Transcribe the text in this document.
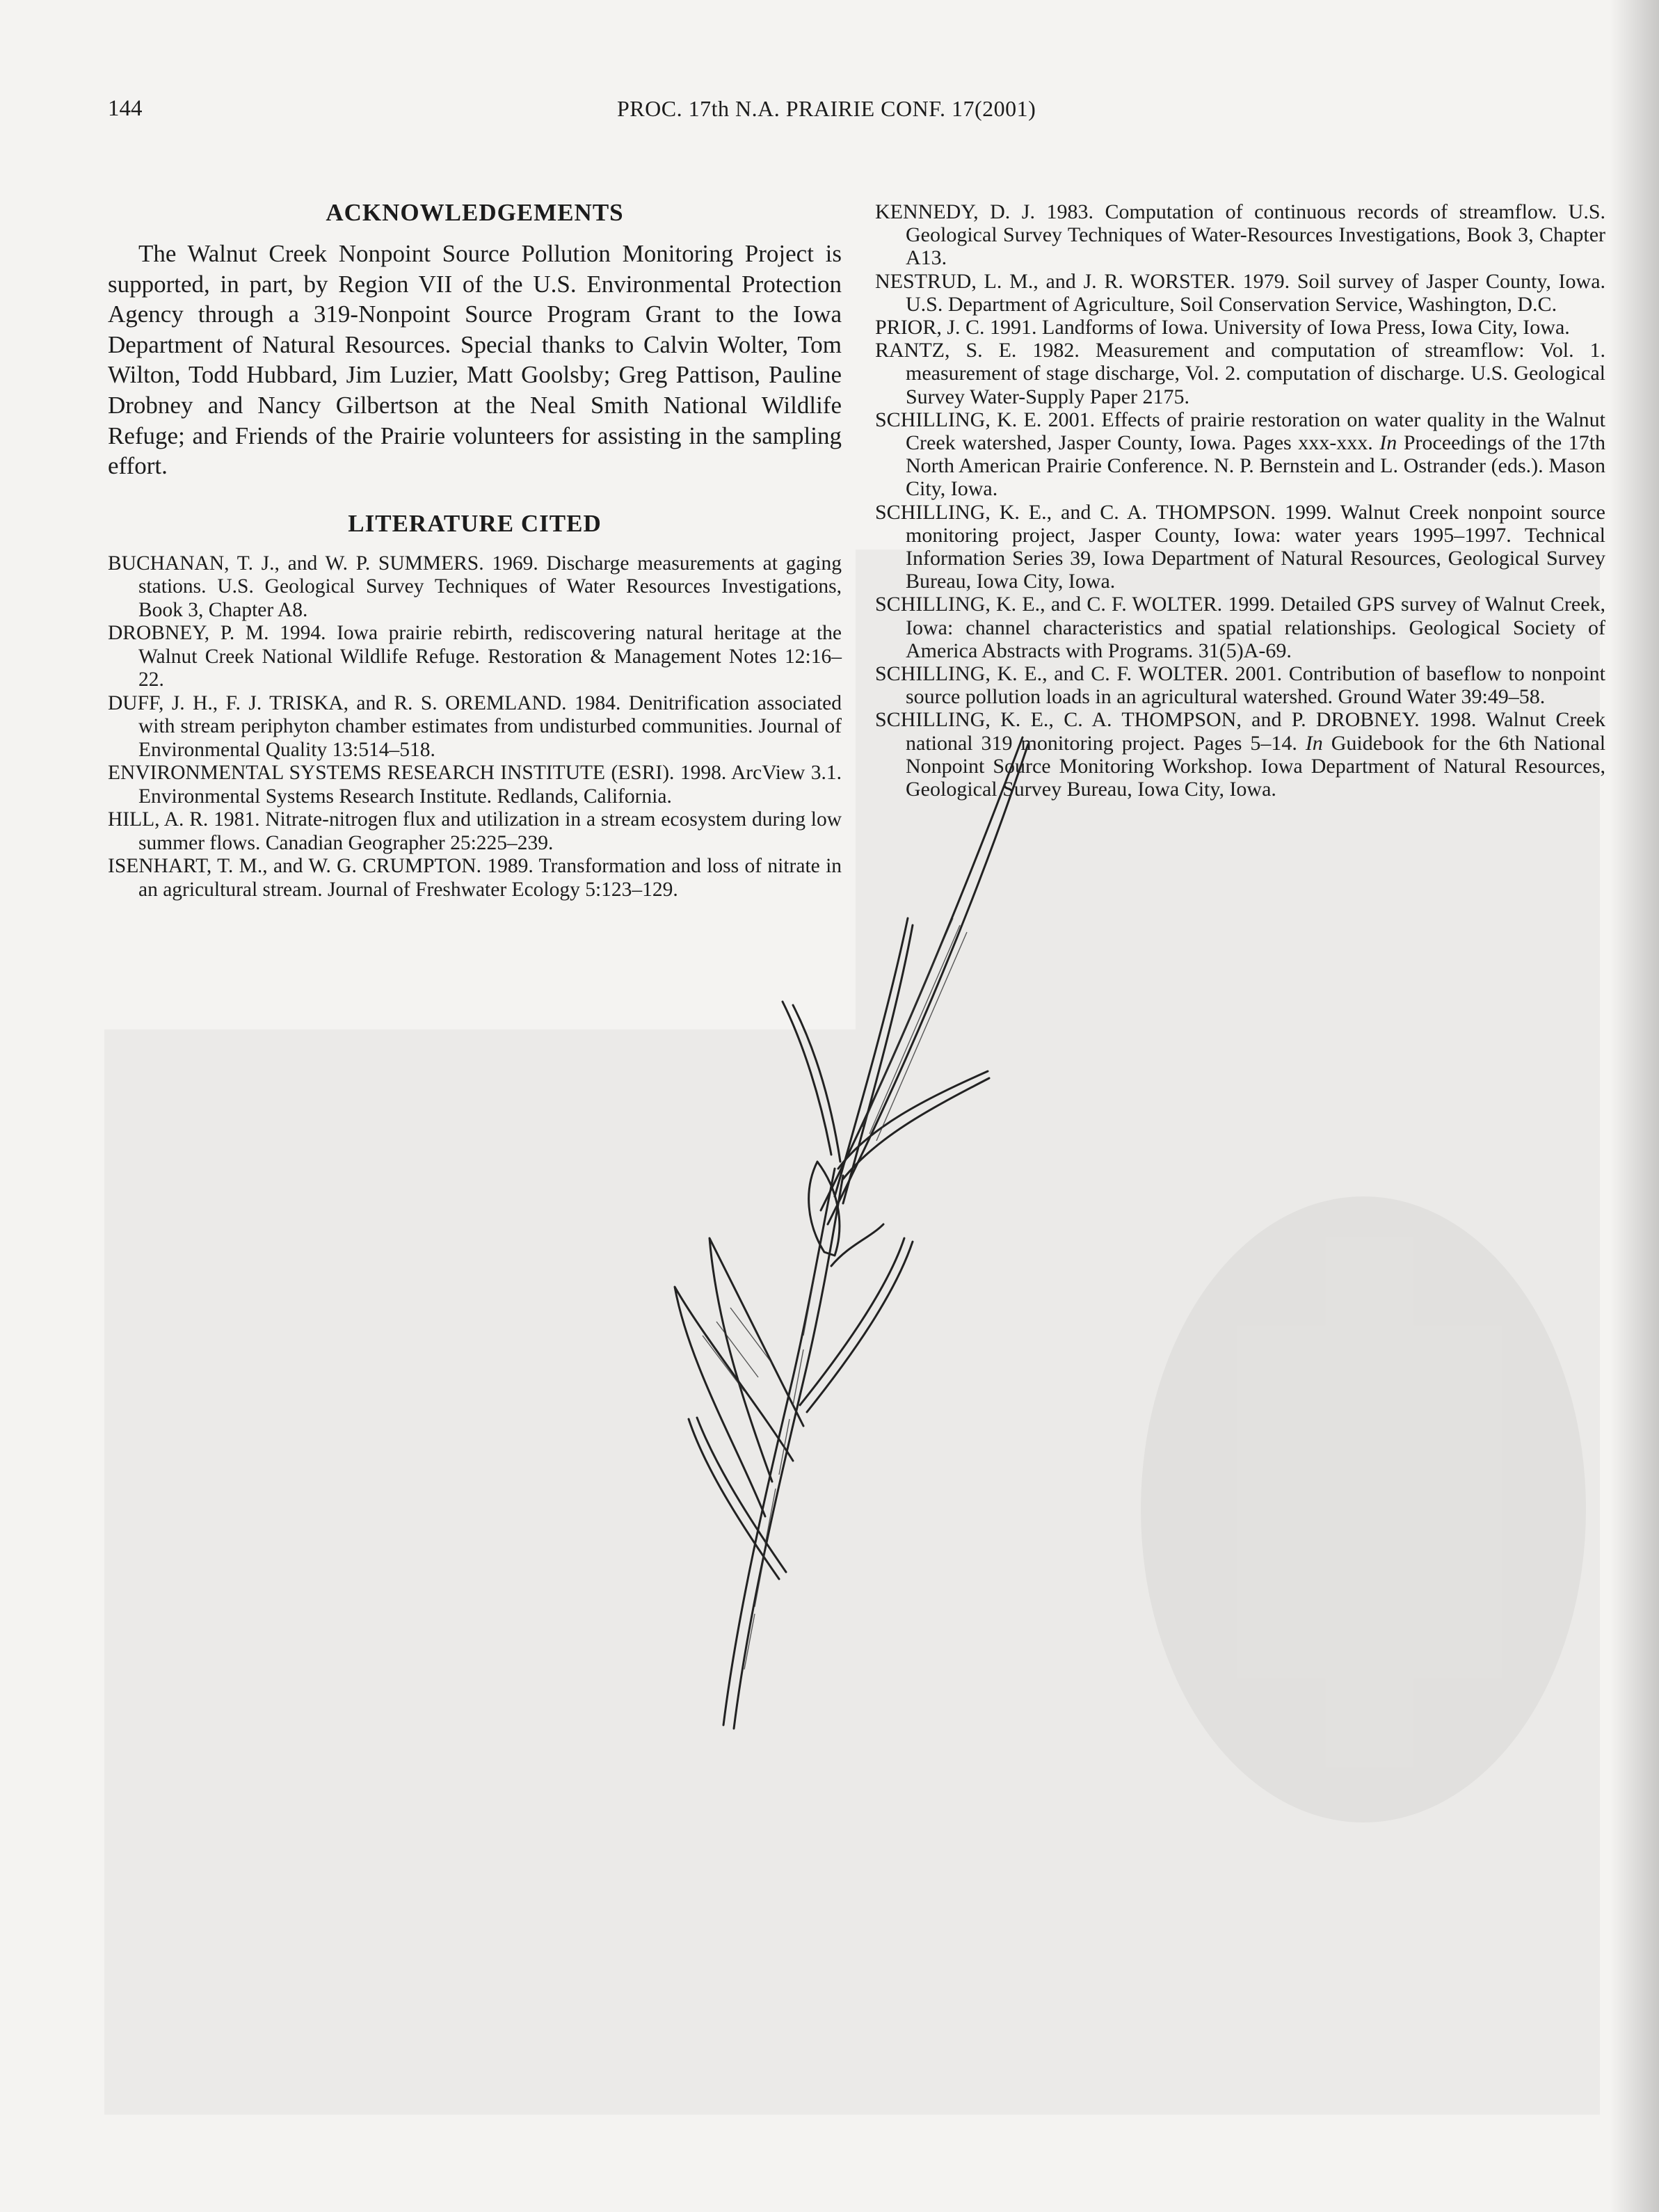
144	PROC. 17th N.A. PRAIRIE CONF. 17(2001)
ACKNOWLEDGEMENTS

The Walnut Creek Nonpoint Source Pollution Monitoring Project is supported, in part, by Region VII of the U.S. Environmental Protection Agency through a 319-Nonpoint Source Program Grant to the Iowa Department of Natural Resources. Special thanks to Calvin Wolter, Tom Wilton, Todd Hubbard, Jim Luzier, Matt Goolsby; Greg Pattison, Pauline Drobney and Nancy Gilbertson at the Neal Smith National Wildlife Refuge; and Friends of the Prairie volunteers for assisting in the sampling effort.

LITERATURE CITED

BUCHANAN, T. J., and W. P. SUMMERS. 1969. Discharge measurements at gaging stations. U.S. Geological Survey Techniques of Water Resources Investigations, Book 3, Chapter A8.

DROBNEY, P. M. 1994. Iowa prairie rebirth, rediscovering natural heritage at the Walnut Creek National Wildlife Refuge. Restoration & Management Notes 12:16–22.

DUFF, J. H., F. J. TRISKA, and R. S. OREMLAND. 1984. Denitrification associated with stream periphyton chamber estimates from undisturbed communities. Journal of Environmental Quality 13:514–518.

ENVIRONMENTAL SYSTEMS RESEARCH INSTITUTE (ESRI). 1998. ArcView 3.1. Environmental Systems Research Institute. Redlands, California.

HILL, A. R. 1981. Nitrate-nitrogen flux and utilization in a stream ecosystem during low summer flows. Canadian Geographer 25:225–239.

ISENHART, T. M., and W. G. CRUMPTON. 1989. Transformation and loss of nitrate in an agricultural stream. Journal of Freshwater Ecology 5:123–129.

KENNEDY, D. J. 1983. Computation of continuous records of streamflow. U.S. Geological Survey Techniques of Water-Resources Investigations, Book 3, Chapter A13.

NESTRUD, L. M., and J. R. WORSTER. 1979. Soil survey of Jasper County, Iowa. U.S. Department of Agriculture, Soil Conservation Service, Washington, D.C.

PRIOR, J. C. 1991. Landforms of Iowa. University of Iowa Press, Iowa City, Iowa.

RANTZ, S. E. 1982. Measurement and computation of streamflow: Vol. 1. measurement of stage discharge, Vol. 2. computation of discharge. U.S. Geological Survey Water-Supply Paper 2175.

SCHILLING, K. E. 2001. Effects of prairie restoration on water quality in the Walnut Creek watershed, Jasper County, Iowa. Pages xxx-xxx. In Proceedings of the 17th North American Prairie Conference. N. P. Bernstein and L. Ostrander (eds.). Mason City, Iowa.

SCHILLING, K. E., and C. A. THOMPSON. 1999. Walnut Creek nonpoint source monitoring project, Jasper County, Iowa: water years 1995–1997. Technical Information Series 39, Iowa Department of Natural Resources, Geological Survey Bureau, Iowa City, Iowa.

SCHILLING, K. E., and C. F. WOLTER. 1999. Detailed GPS survey of Walnut Creek, Iowa: channel characteristics and spatial relationships. Geological Society of America Abstracts with Programs. 31(5)A-69.

SCHILLING, K. E., and C. F. WOLTER. 2001. Contribution of baseflow to nonpoint source pollution loads in an agricultural watershed. Ground Water 39:49–58.

SCHILLING, K. E., C. A. THOMPSON, and P. DROBNEY. 1998. Walnut Creek national 319 monitoring project. Pages 5–14. In Guidebook for the 6th National Nonpoint Source Monitoring Workshop. Iowa Department of Natural Resources, Geological Survey Bureau, Iowa City, Iowa.
